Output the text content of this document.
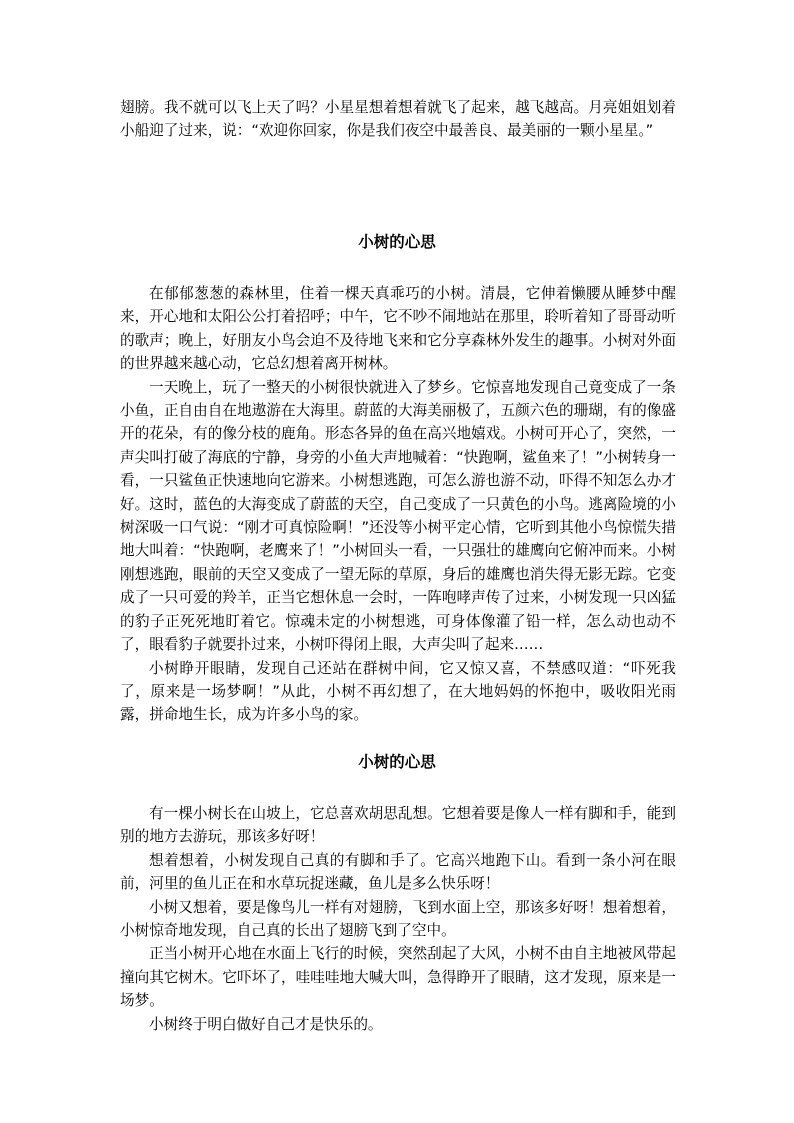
翅膀。我不就可以飞上天了吗？小星星想着想着就飞了起来，越飞越高。月亮姐姐划着小船迎了过来，说：“欢迎你回家，你是我们夜空中最善良、最美丽的一颗小星星。”

小树的心思

在郁郁葱葱的森林里，住着一棵天真乖巧的小树。清晨，它伸着懒腰从睡梦中醒来，开心地和太阳公公打着招呼；中午，它不吵不闹地站在那里，聆听着知了哥哥动听的歌声；晚上，好朋友小鸟会迫不及待地飞来和它分享森林外发生的趣事。小树对外面的世界越来越心动，它总幻想着离开树林。

一天晚上，玩了一整天的小树很快就进入了梦乡。它惊喜地发现自己竟变成了一条小鱼，正自由自在地遨游在大海里。蔚蓝的大海美丽极了，五颜六色的珊瑚，有的像盛开的花朵，有的像分枝的鹿角。形态各异的鱼在高兴地嬉戏。小树可开心了，突然，一声尖叫打破了海底的宁静，身旁的小鱼大声地喊着：“快跑啊，鲨鱼来了！”小树转身一看，一只鲨鱼正快速地向它游来。小树想逃跑，可怎么游也游不动，吓得不知怎么办才好。这时，蓝色的大海变成了蔚蓝的天空，自己变成了一只黄色的小鸟。逃离险境的小树深吸一口气说：“刚才可真惊险啊！”还没等小树平定心情，它听到其他小鸟惊慌失措地大叫着：“快跑啊，老鹰来了！”小树回头一看，一只强壮的雄鹰向它俯冲而来。小树刚想逃跑，眼前的天空又变成了一望无际的草原，身后的雄鹰也消失得无影无踪。它变成了一只可爱的羚羊，正当它想休息一会时，一阵咆哮声传了过来，小树发现一只凶猛的豹子正死死地盯着它。惊魂未定的小树想逃，可身体像灌了铅一样，怎么动也动不了，眼看豹子就要扑过来，小树吓得闭上眼，大声尖叫了起来……

小树睁开眼睛，发现自己还站在群树中间，它又惊又喜，不禁感叹道：“吓死我了，原来是一场梦啊！”从此，小树不再幻想了，在大地妈妈的怀抱中，吸收阳光雨露，拼命地生长，成为许多小鸟的家。

小树的心思

有一棵小树长在山坡上，它总喜欢胡思乱想。它想着要是像人一样有脚和手，能到别的地方去游玩，那该多好呀！

想着想着，小树发现自己真的有脚和手了。它高兴地跑下山。看到一条小河在眼前，河里的鱼儿正在和水草玩捉迷藏，鱼儿是多么快乐呀！

小树又想着，要是像鸟儿一样有对翅膀，飞到水面上空，那该多好呀！想着想着，小树惊奇地发现，自己真的长出了翅膀飞到了空中。

正当小树开心地在水面上飞行的时候，突然刮起了大风，小树不由自主地被风带起撞向其它树木。它吓坏了，哇哇哇地大喊大叫，急得睁开了眼睛，这才发现，原来是一场梦。

小树终于明白做好自己才是快乐的。
